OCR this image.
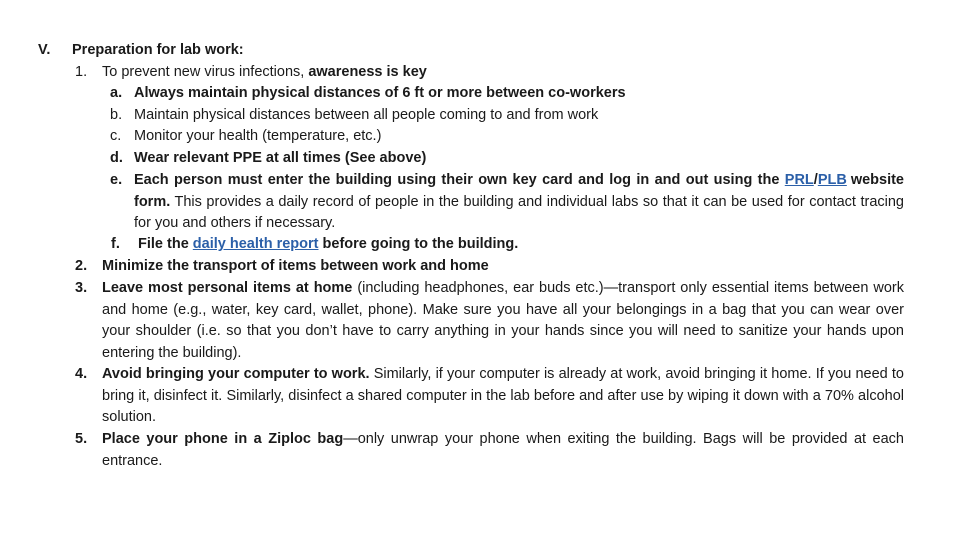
V. Preparation for lab work:
1. To prevent new virus infections, awareness is key
a. Always maintain physical distances of 6 ft or more between co-workers
b. Maintain physical distances between all people coming to and from work
c. Monitor your health (temperature, etc.)
d. Wear relevant PPE at all times (See above)
e. Each person must enter the building using their own key card and log in and out using the PRL/PLB website form. This provides a daily record of people in the building and individual labs so that it can be used for contact tracing for you and others if necessary.
f. File the daily health report before going to the building.
2. Minimize the transport of items between work and home
3. Leave most personal items at home (including headphones, ear buds etc.)—transport only essential items between work and home (e.g., water, key card, wallet, phone). Make sure you have all your belongings in a bag that you can wear over your shoulder (i.e. so that you don’t have to carry anything in your hands since you will need to sanitize your hands upon entering the building).
4. Avoid bringing your computer to work. Similarly, if your computer is already at work, avoid bringing it home. If you need to bring it, disinfect it. Similarly, disinfect a shared computer in the lab before and after use by wiping it down with a 70% alcohol solution.
5. Place your phone in a Ziploc bag—only unwrap your phone when exiting the building. Bags will be provided at each entrance.
